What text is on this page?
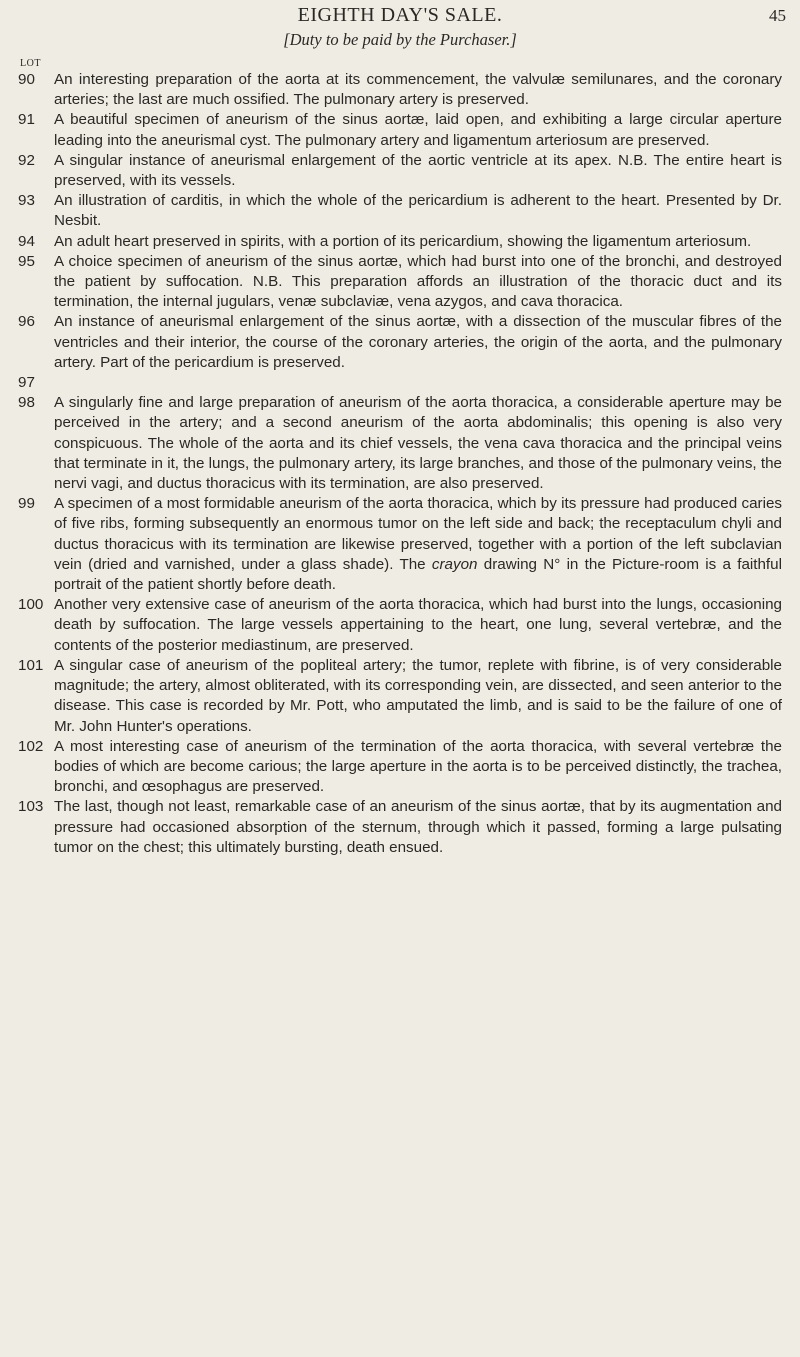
EIGHTH DAY'S SALE.	45
[Duty to be paid by the Purchaser.]
LOT
90	An interesting preparation of the aorta at its commencement, the valvulæ semilunares, and the coronary arteries; the last are much ossified. The pulmonary artery is preserved.
91	A beautiful specimen of aneurism of the sinus aortæ, laid open, and exhibiting a large circular aperture leading into the aneurismal cyst. The pulmonary artery and ligamentum arteriosum are preserved.
92	A singular instance of aneurismal enlargement of the aortic ventricle at its apex. N.B. The entire heart is preserved, with its vessels.
93	An illustration of carditis, in which the whole of the pericardium is adherent to the heart. Presented by Dr. Nesbit.
94	An adult heart preserved in spirits, with a portion of its pericardium, showing the ligamentum arteriosum.
95	A choice specimen of aneurism of the sinus aortæ, which had burst into one of the bronchi, and destroyed the patient by suffocation. N.B. This preparation affords an illustration of the thoracic duct and its termination, the internal jugulars, venæ subclaviæ, vena azygos, and cava thoracica.
96	An instance of aneurismal enlargement of the sinus aortæ, with a dissection of the muscular fibres of the ventricles and their interior, the course of the coronary arteries, the origin of the aorta, and the pulmonary artery. Part of the pericardium is preserved.
97
98	A singularly fine and large preparation of aneurism of the aorta thoracica, a considerable aperture may be perceived in the artery; and a second aneurism of the aorta abdominalis; this opening is also very conspicuous. The whole of the aorta and its chief vessels, the vena cava thoracica and the principal veins that terminate in it, the lungs, the pulmonary artery, its large branches, and those of the pulmonary veins, the nervi vagi, and ductus thoracicus with its termination, are also preserved.
99	A specimen of a most formidable aneurism of the aorta thoracica, which by its pressure had produced caries of five ribs, forming subsequently an enormous tumor on the left side and back; the receptaculum chyli and ductus thoracicus with its termination are likewise preserved, together with a portion of the left subclavian vein (dried and varnished, under a glass shade). The crayon drawing N° in the Picture-room is a faithful portrait of the patient shortly before death.
100 Another very extensive case of aneurism of the aorta thoracica, which had burst into the lungs, occasioning death by suffocation. The large vessels appertaining to the heart, one lung, several vertebræ, and the contents of the posterior mediastinum, are preserved.
101 A singular case of aneurism of the popliteal artery; the tumor, replete with fibrine, is of very considerable magnitude; the artery, almost obliterated, with its corresponding vein, are dissected, and seen anterior to the disease. This case is recorded by Mr. Pott, who amputated the limb, and is said to be the failure of one of Mr. John Hunter's operations.
102 A most interesting case of aneurism of the termination of the aorta thoracica, with several vertebræ the bodies of which are become carious; the large aperture in the aorta is to be perceived distinctly, the trachea, bronchi, and œsophagus are preserved.
103 The last, though not least, remarkable case of an aneurism of the sinus aortæ, that by its augmentation and pressure had occasioned absorption of the sternum, through which it passed, forming a large pulsating tumor on the chest; this ultimately bursting, death ensued.
